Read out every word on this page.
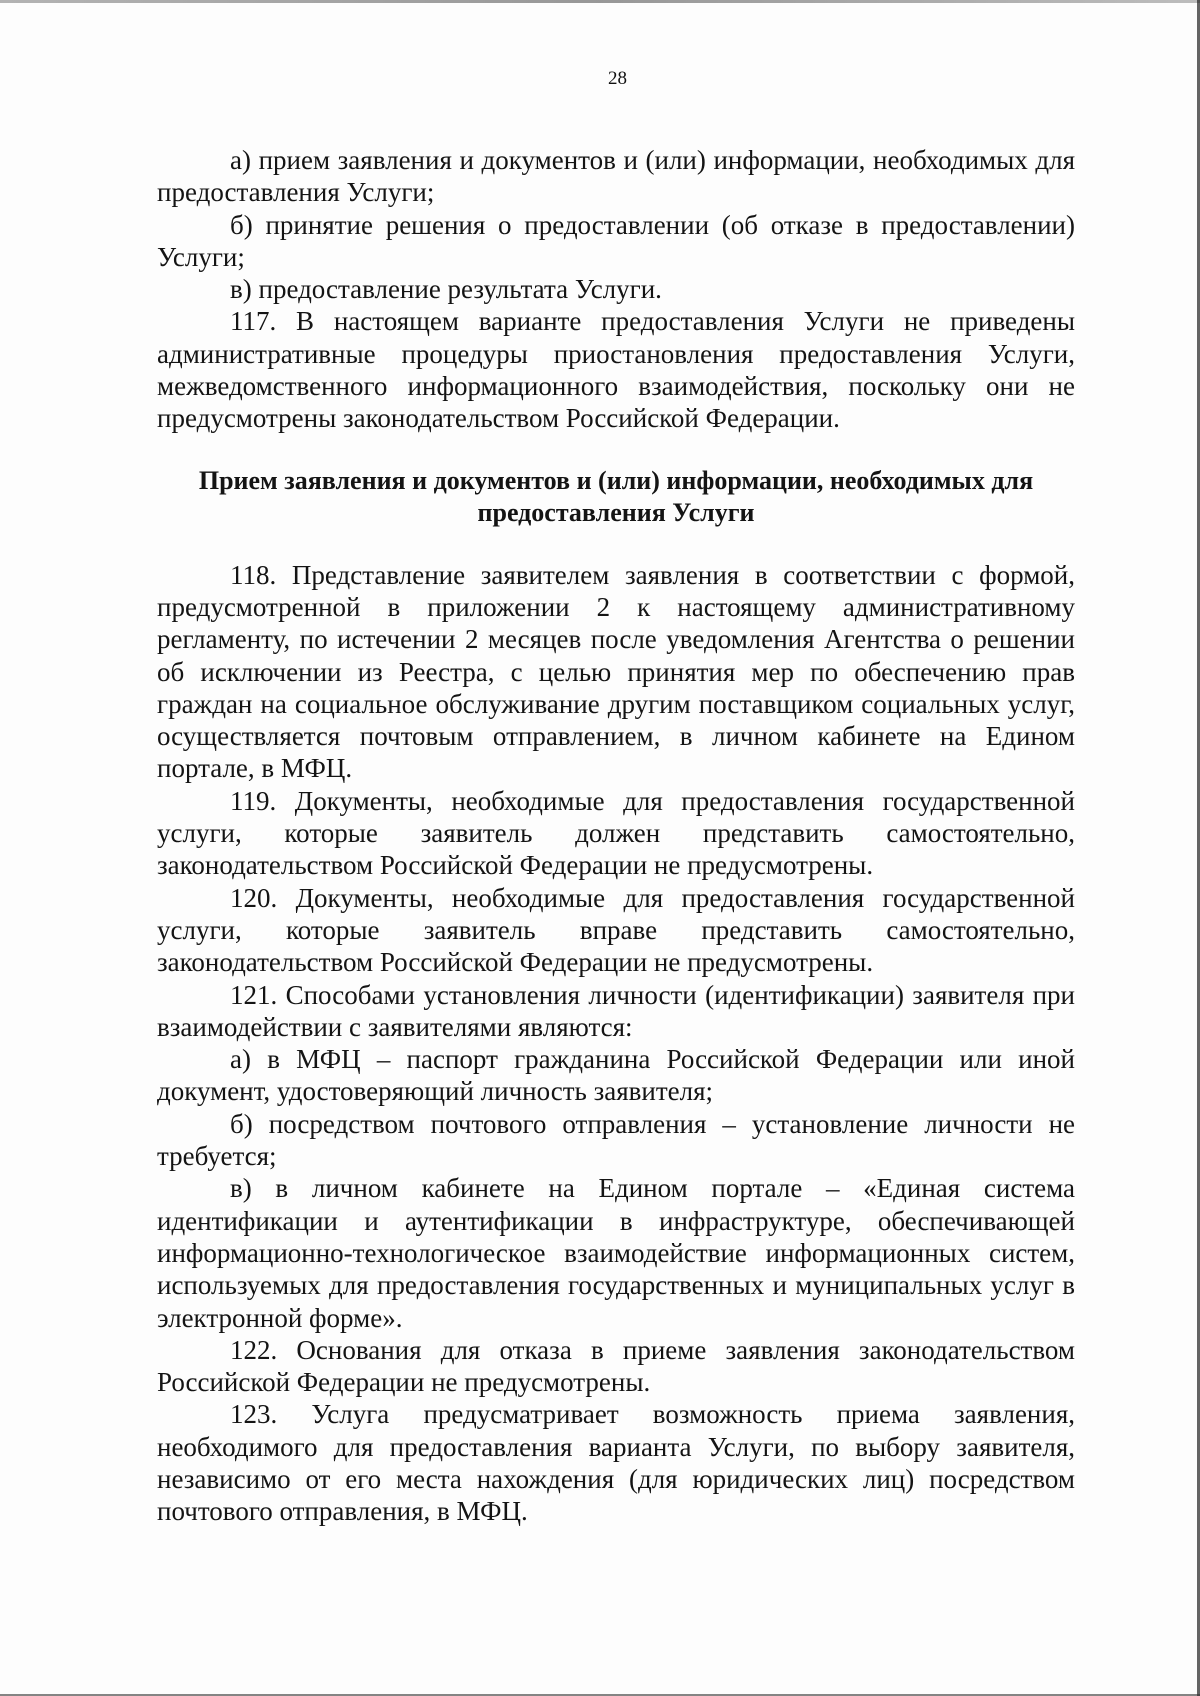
28

а) прием заявления и документов и (или) информации, необходимых для предоставления Услуги;

б) принятие решения о предоставлении (об отказе в предоставлении) Услуги;

в) предоставление результата Услуги.

117. В настоящем варианте предоставления Услуги не приведены административные процедуры приостановления предоставления Услуги, межведомственного информационного взаимодействия, поскольку они не предусмотрены законодательством Российской Федерации.

Прием заявления и документов и (или) информации, необходимых для предоставления Услуги

118. Представление заявителем заявления в соответствии с формой, предусмотренной в приложении 2 к настоящему административному регламенту, по истечении 2 месяцев после уведомления Агентства о решении об исключении из Реестра, с целью принятия мер по обеспечению прав граждан на социальное обслуживание другим поставщиком социальных услуг, осуществляется почтовым отправлением, в личном кабинете на Едином портале, в МФЦ.

119. Документы, необходимые для предоставления государственной услуги, которые заявитель должен представить самостоятельно, законодательством Российской Федерации не предусмотрены.

120. Документы, необходимые для предоставления государственной услуги, которые заявитель вправе представить самостоятельно, законодательством Российской Федерации не предусмотрены.

121. Способами установления личности (идентификации) заявителя при взаимодействии с заявителями являются:

а) в МФЦ – паспорт гражданина Российской Федерации или иной документ, удостоверяющий личность заявителя;

б) посредством почтового отправления – установление личности не требуется;

в) в личном кабинете на Едином портале – «Единая система идентификации и аутентификации в инфраструктуре, обеспечивающей информационно-технологическое взаимодействие информационных систем, используемых для предоставления государственных и муниципальных услуг в электронной форме».

122. Основания для отказа в приеме заявления законодательством Российской Федерации не предусмотрены.

123. Услуга предусматривает возможность приема заявления, необходимого для предоставления варианта Услуги, по выбору заявителя, независимо от его места нахождения (для юридических лиц) посредством почтового отправления, в МФЦ.
